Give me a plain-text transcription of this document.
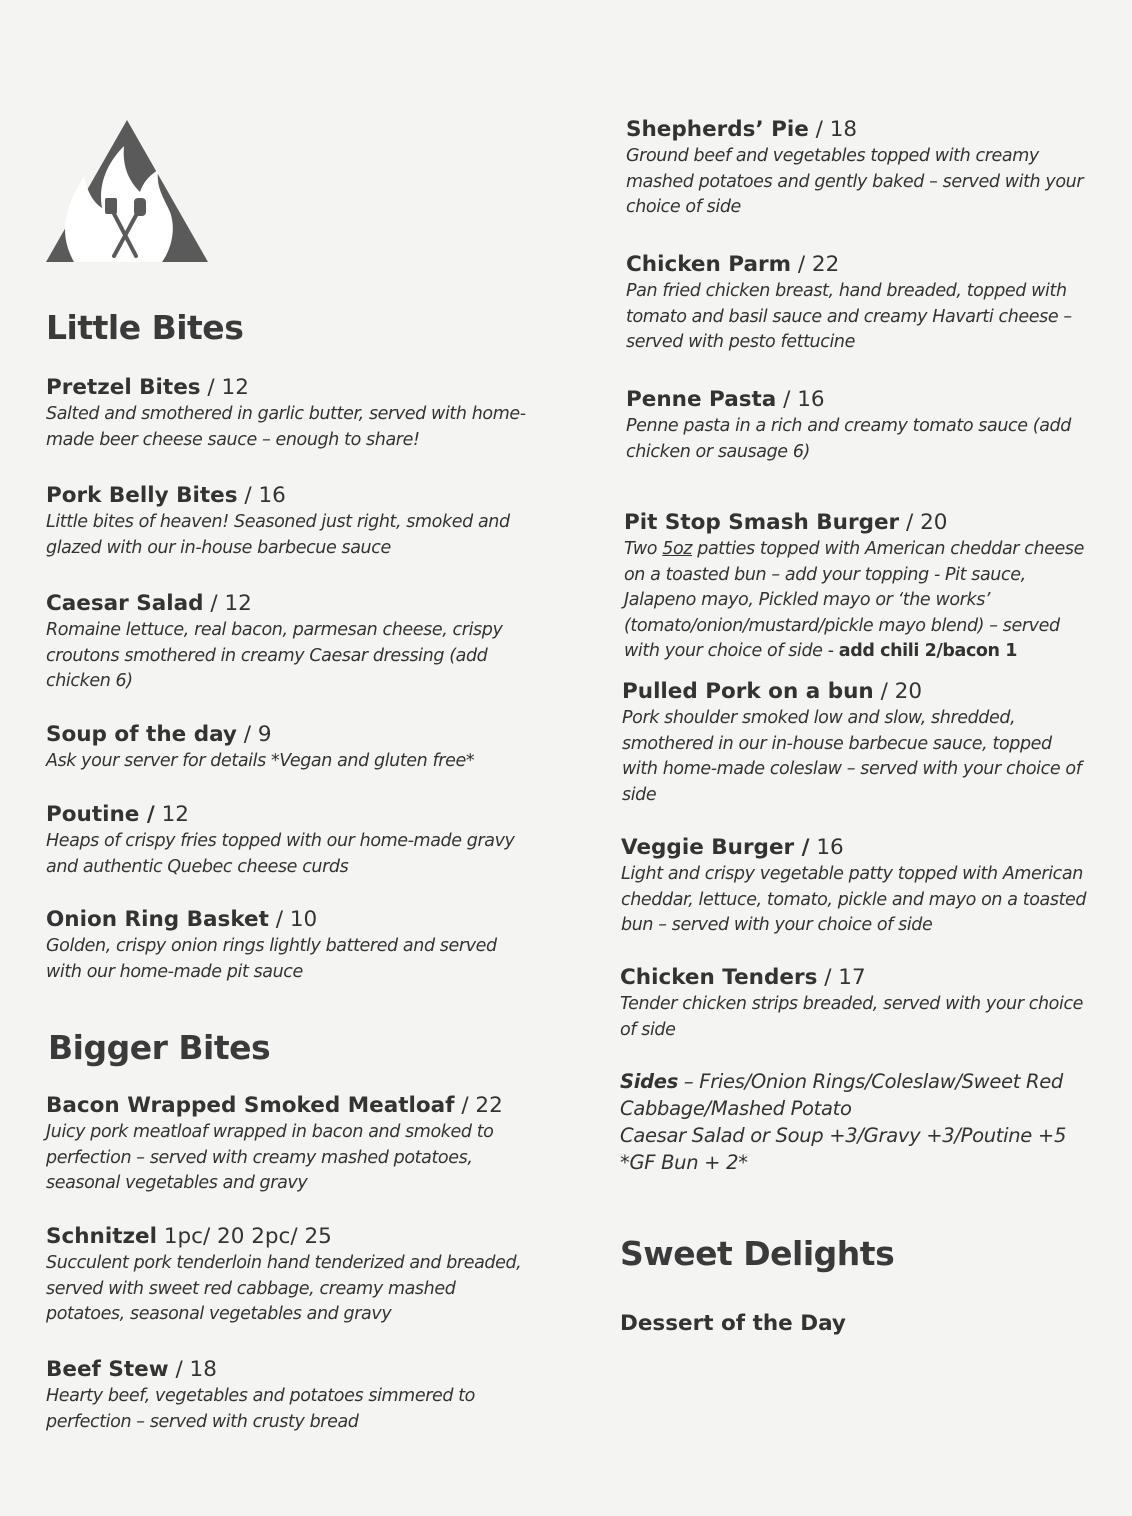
Little Bites
Pretzel Bites / 12
Salted and smothered in garlic butter, served with home-made beer cheese sauce – enough to share!
Pork Belly Bites / 16
Little bites of heaven! Seasoned just right, smoked and glazed with our in-house barbecue sauce
Caesar Salad / 12
Romaine lettuce, real bacon, parmesan cheese, crispy croutons smothered in creamy Caesar dressing (add chicken 6)
Soup of the day / 9
Ask your server for details *Vegan and gluten free*
Poutine / 12
Heaps of crispy fries topped with our home-made gravy and authentic Quebec cheese curds
Onion Ring Basket / 10
Golden, crispy onion rings lightly battered and served with our home-made pit sauce
Bigger Bites
Bacon Wrapped Smoked Meatloaf / 22
Juicy pork meatloaf wrapped in bacon and smoked to perfection – served with creamy mashed potatoes, seasonal vegetables and gravy
Schnitzel 1pc/ 20 2pc/ 25
Succulent pork tenderloin hand tenderized and breaded, served with sweet red cabbage, creamy mashed potatoes, seasonal vegetables and gravy
Beef Stew / 18
Hearty beef, vegetables and potatoes simmered to perfection – served with crusty bread
Shepherds’ Pie / 18
Ground beef and vegetables topped with creamy mashed potatoes and gently baked – served with your choice of side
Chicken Parm / 22
Pan fried chicken breast, hand breaded, topped with tomato and basil sauce and creamy Havarti cheese – served with pesto fettucine
Penne Pasta / 16
Penne pasta in a rich and creamy tomato sauce (add chicken or sausage 6)
Pit Stop Smash Burger / 20
Two 5oz patties topped with American cheddar cheese on a toasted bun – add your topping - Pit sauce, Jalapeno mayo, Pickled mayo or ‘the works’ (tomato/onion/mustard/pickle mayo blend) – served with your choice of side - add chili 2/bacon 1
Pulled Pork on a bun / 20
Pork shoulder smoked low and slow, shredded, smothered in our in-house barbecue sauce, topped with home-made coleslaw – served with your choice of side
Veggie Burger / 16
Light and crispy vegetable patty topped with American cheddar, lettuce, tomato, pickle and mayo on a toasted bun – served with your choice of side
Chicken Tenders / 17
Tender chicken strips breaded, served with your choice of side
Sides – Fries/Onion Rings/Coleslaw/Sweet Red Cabbage/Mashed Potato
Caesar Salad or Soup +3/Gravy +3/Poutine +5
*GF Bun + 2*
Sweet Delights
Dessert of the Day
